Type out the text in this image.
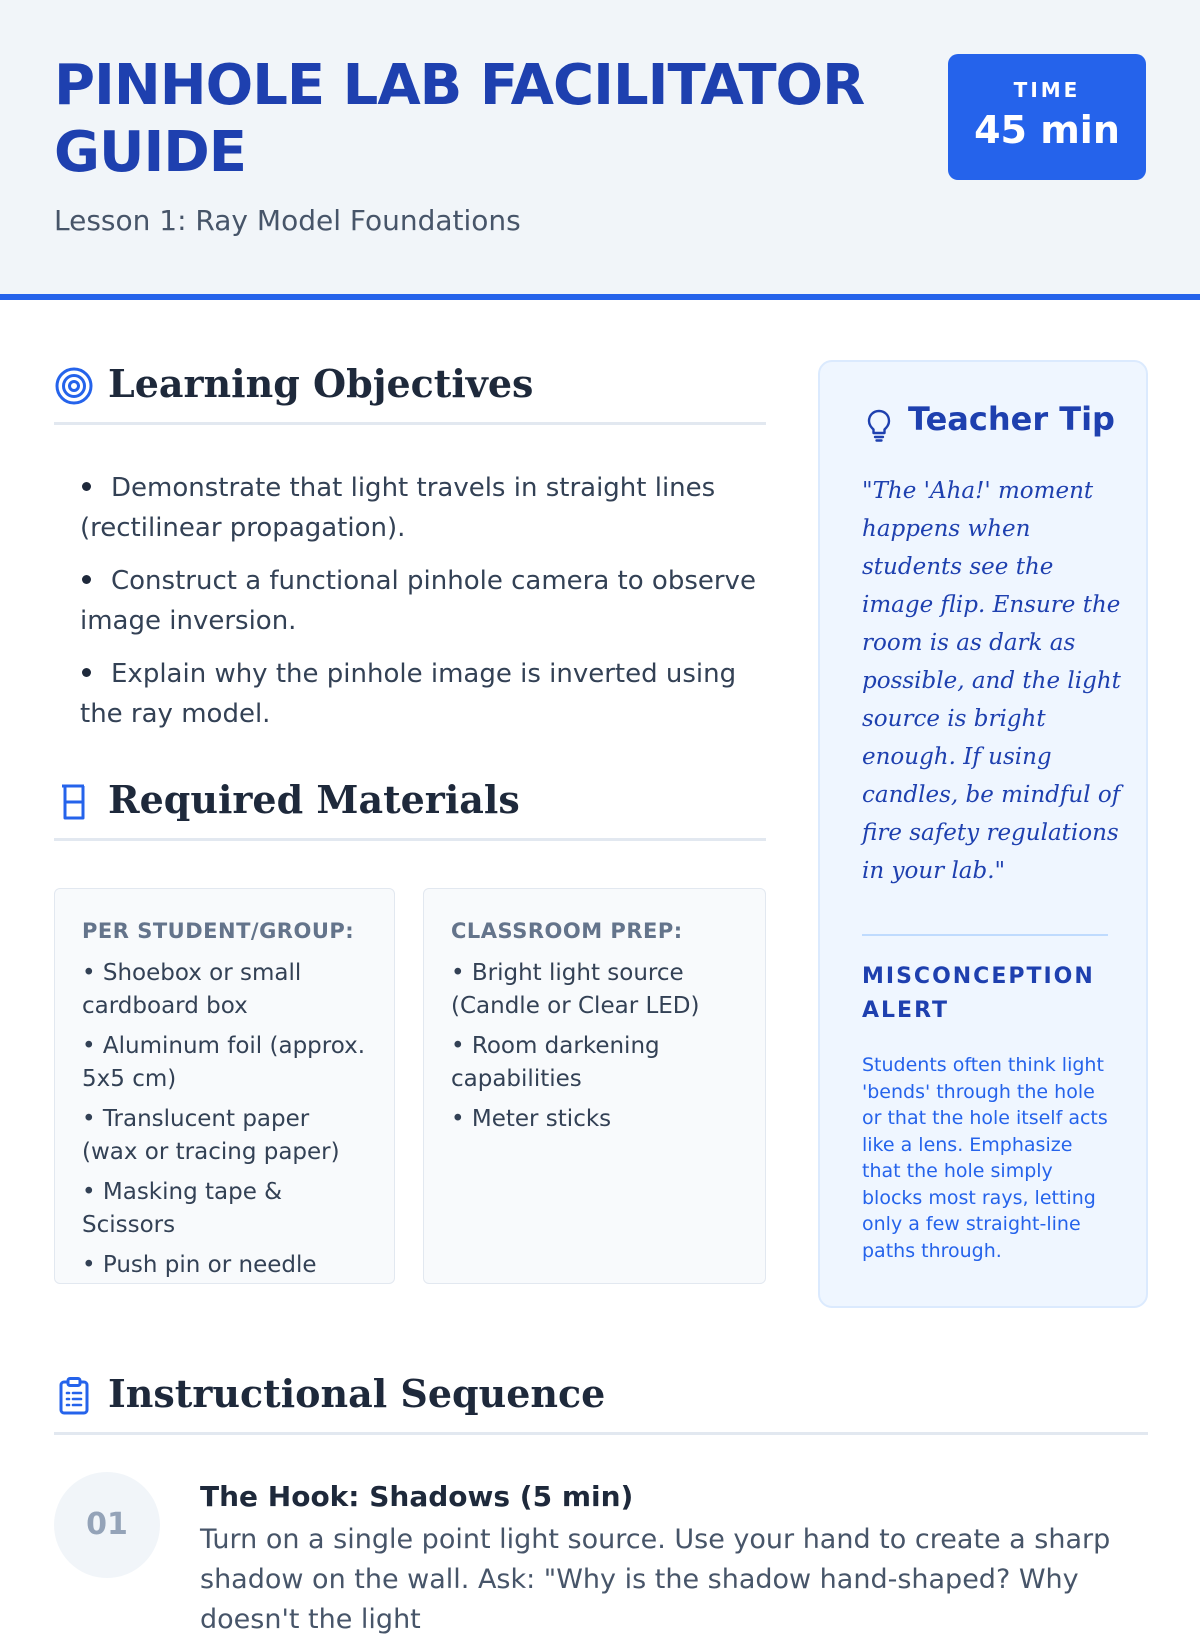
PINHOLE LAB FACILITATOR GUIDE

Lesson 1: Ray Model Foundations

TIME
45 min
Learning Objectives
Demonstrate that light travels in straight lines (rectilinear propagation).
Construct a functional pinhole camera to observe image inversion.
Explain why the pinhole image is inverted using the ray model.
Required Materials
PER STUDENT/GROUP:
• Shoebox or small cardboard box
• Aluminum foil (approx. 5x5 cm)
• Translucent paper (wax or tracing paper)
• Masking tape & Scissors
• Push pin or needle
CLASSROOM PREP:
• Bright light source (Candle or Clear LED)
• Room darkening capabilities
• Meter sticks
Teacher Tip

"The 'Aha!' moment happens when students see the image flip. Ensure the room is as dark as possible, and the light source is bright enough. If using candles, be mindful of fire safety regulations in your lab."

MISCONCEPTION ALERT

Students often think light 'bends' through the hole or that the hole itself acts like a lens. Emphasize that the hole simply blocks most rays, letting only a few straight-line paths through.

Instructional Sequence
01
The Hook: Shadows (5 min)

Turn on a single point light source. Use your hand to create a sharp shadow on the wall. Ask: "Why is the shadow hand-shaped? Why doesn't the light
